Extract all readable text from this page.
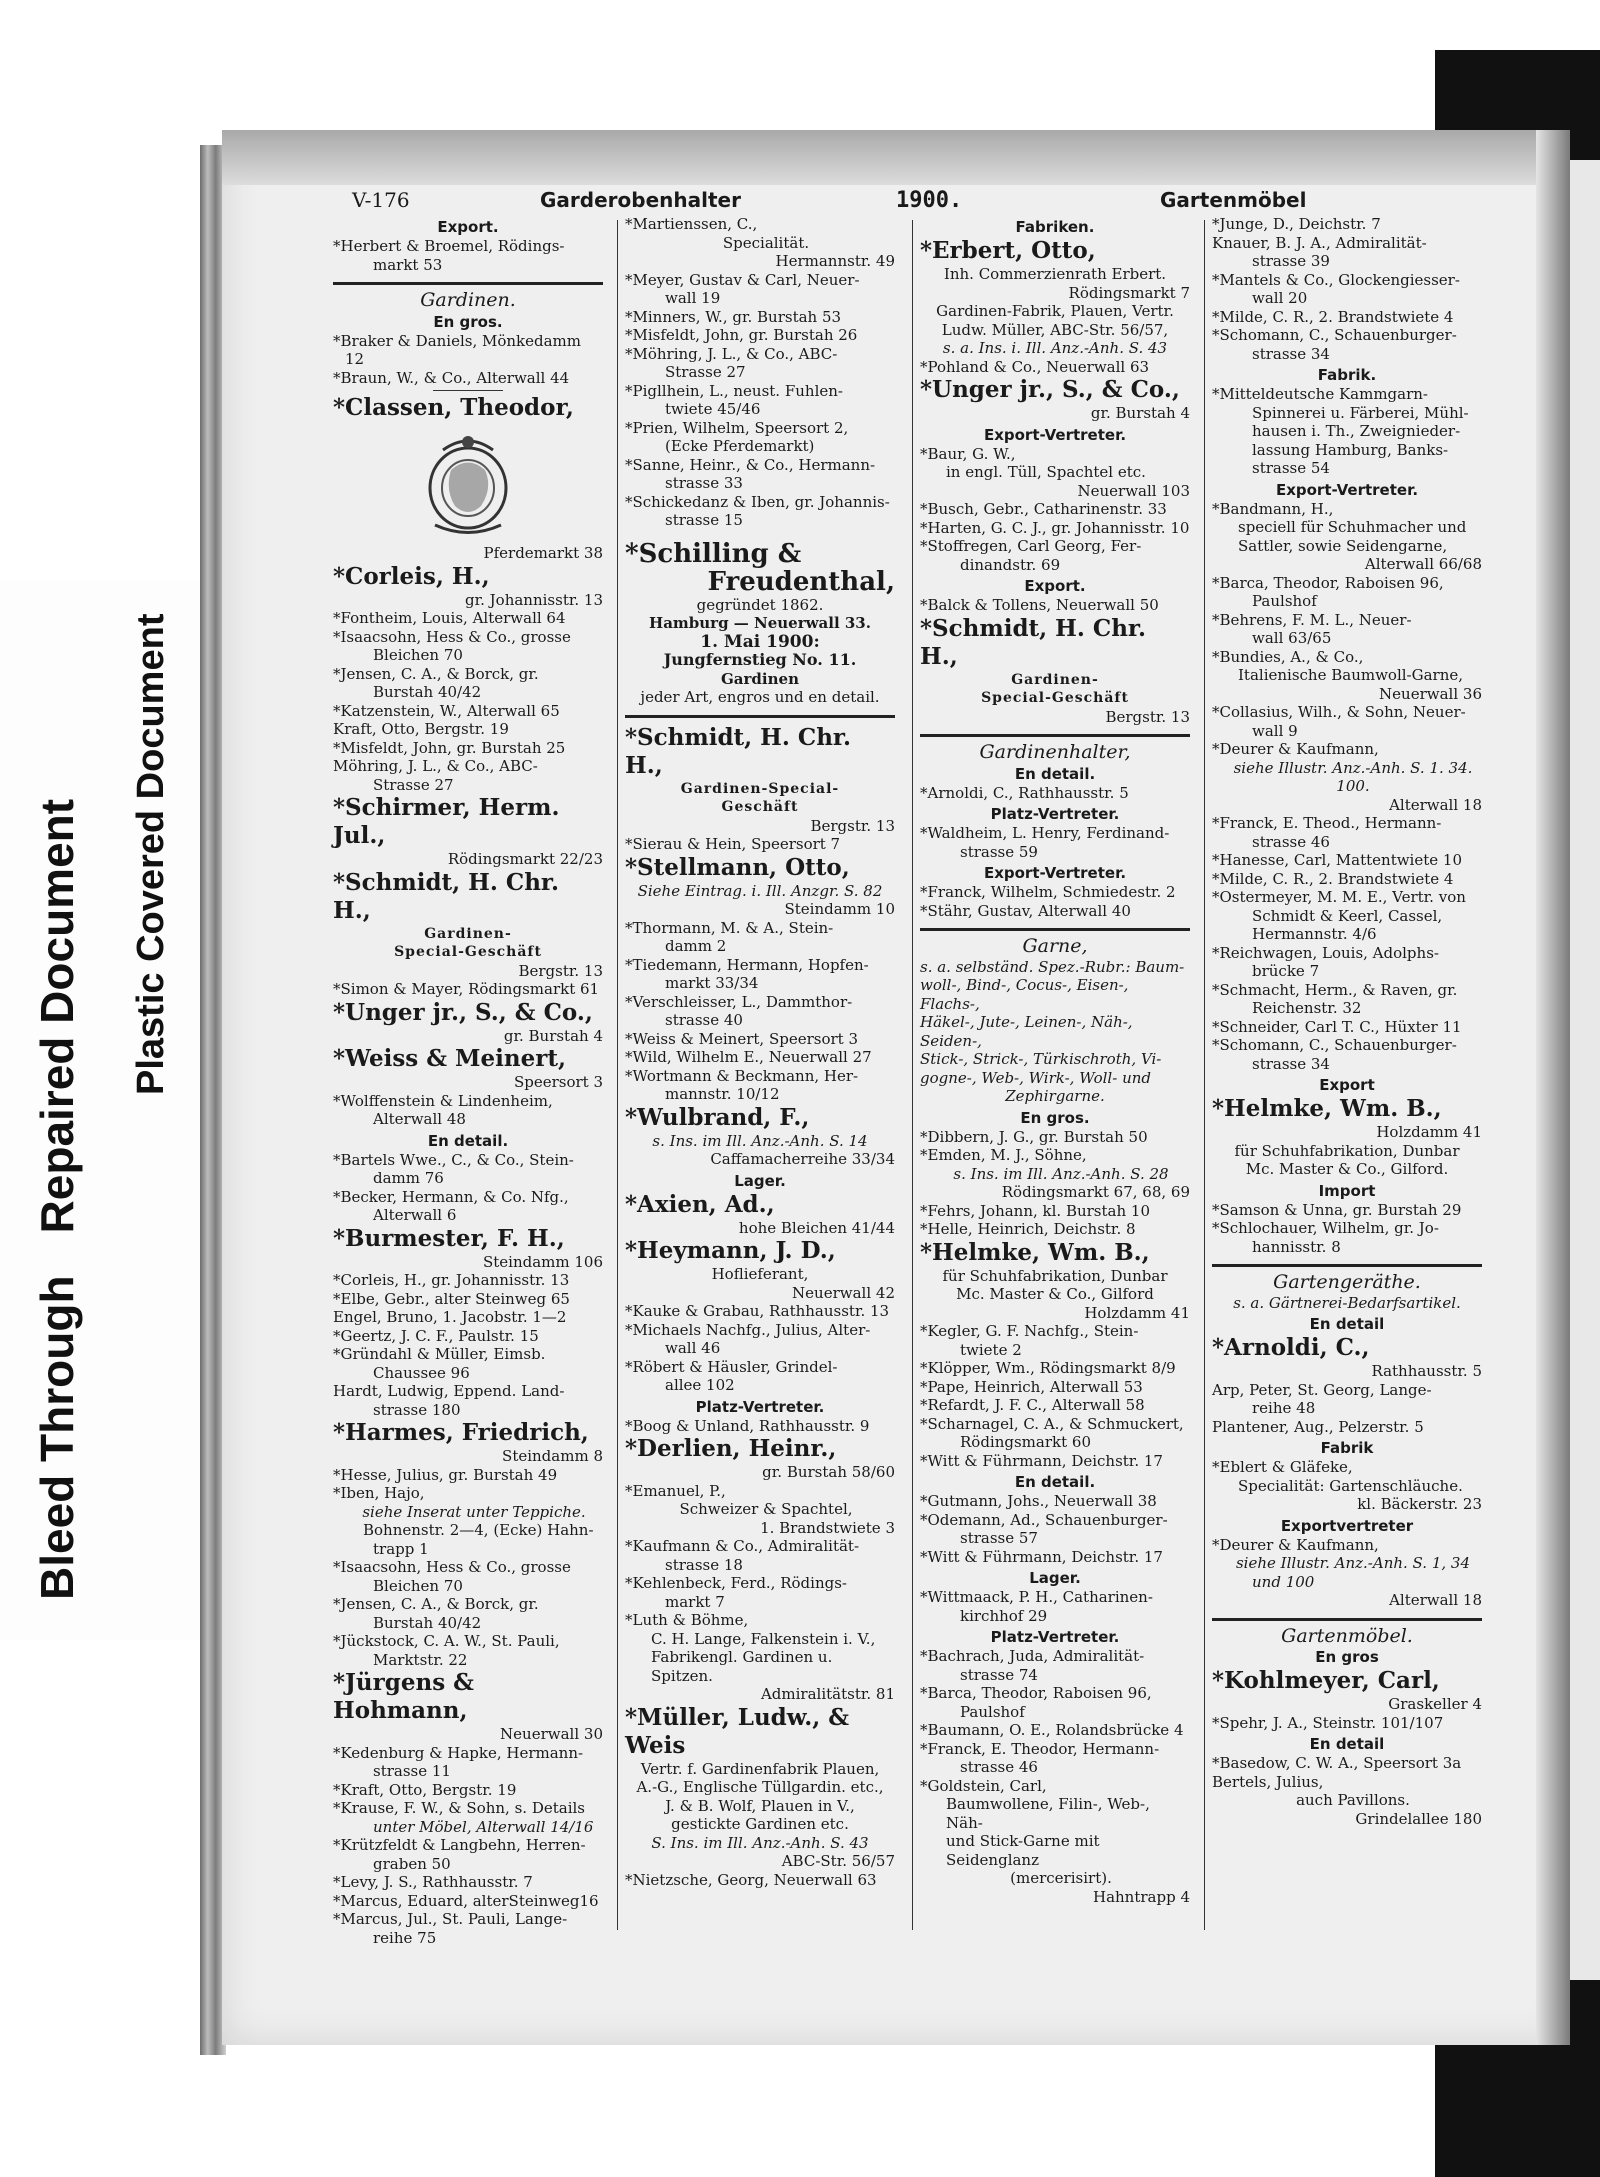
Bleed ThroughRepaired Document Plastic Covered Document
V-176	Garderobenhalter	1900.	Gartenmöbel
Export.
*Herbert & Broemel, Rödings-
markt 53
Gardinen.
En gros.
*Braker & Daniels, Mönkedamm 12
*Braun, W., & Co., Alterwall 44
*Classen, Theodor,
Pferdemarkt 38
*Corleis, H.,
gr. Johannisstr. 13
*Fontheim, Louis, Alterwall 64
*Isaacsohn, Hess & Co., grosse
Bleichen 70
*Jensen, C. A., & Borck, gr.
Burstah 40/42
*Katzenstein, W., Alterwall 65
Kraft, Otto, Bergstr. 19
*Misfeldt, John, gr. Burstah 25
Möhring, J. L., & Co., ABC-
Strasse 27
*Schirmer, Herm. Jul.,
Rödingsmarkt 22/23
*Schmidt, H. Chr. H.,
Gardinen-
Special-Geschäft
Bergstr. 13
*Simon & Mayer, Rödingsmarkt 61
*Unger jr., S., & Co.,
gr. Burstah 4
*Weiss & Meinert,
Speersort 3
*Wolffenstein & Lindenheim,
Alterwall 48
En detail.
*Bartels Wwe., C., & Co., Stein-
damm 76
*Becker, Hermann, & Co. Nfg.,
Alterwall 6
*Burmester, F. H.,
Steindamm 106
*Corleis, H., gr. Johannisstr. 13
*Elbe, Gebr., alter Steinweg 65
Engel, Bruno, 1. Jacobstr. 1—2
*Geertz, J. C. F., Paulstr. 15
*Gründahl & Müller, Eimsb.
Chaussee 96
Hardt, Ludwig, Eppend. Land-
strasse 180
*Harmes, Friedrich,
Steindamm 8
*Hesse, Julius, gr. Burstah 49
*Iben, Hajo,
siehe Inserat unter Teppiche.
Bohnenstr. 2—4, (Ecke) Hahn-
trapp 1
*Isaacsohn, Hess & Co., grosse
Bleichen 70
*Jensen, C. A., & Borck, gr.
Burstah 40/42
*Jückstock, C. A. W., St. Pauli,
Marktstr. 22
*Jürgens & Hohmann,
Neuerwall 30
*Kedenburg & Hapke, Hermann-
strasse 11
*Kraft, Otto, Bergstr. 19
*Krause, F. W., & Sohn, s. Details
unter Möbel, Alterwall 14/16
*Krützfeldt & Langbehn, Herren-
graben 50
*Levy, J. S., Rathhausstr. 7
*Marcus, Eduard, alterSteinweg16
*Marcus, Jul., St. Pauli, Lange-
reihe 75
*Martienssen, C.,
Specialität.
Hermannstr. 49
*Meyer, Gustav & Carl, Neuer-
wall 19
*Minners, W., gr. Burstah 53
*Misfeldt, John, gr. Burstah 26
*Möhring, J. L., & Co., ABC-
Strasse 27
*Pigllhein, L., neust. Fuhlen-
twiete 45/46
*Prien, Wilhelm, Speersort 2,
(Ecke Pferdemarkt)
*Sanne, Heinr., & Co., Hermann-
strasse 33
*Schickedanz & Iben, gr. Johannis-
strasse 15
*Schilling &
Freudenthal,
gegründet 1862.
Hamburg — Neuerwall 33.
1. Mai 1900:
Jungfernstieg No. 11.
Gardinen
jeder Art, engros und en detail.
*Schmidt, H. Chr. H.,
Gardinen-Special-
Geschäft
Bergstr. 13
*Sierau & Hein, Speersort 7
*Stellmann, Otto,
Siehe Eintrag. i. Ill. Anzgr. S. 82
Steindamm 10
*Thormann, M. & A., Stein-
damm 2
*Tiedemann, Hermann, Hopfen-
markt 33/34
*Verschleisser, L., Dammthor-
strasse 40
*Weiss & Meinert, Speersort 3
*Wild, Wilhelm E., Neuerwall 27
*Wortmann & Beckmann, Her-
mannstr. 10/12
*Wulbrand, F.,
s. Ins. im Ill. Anz.-Anh. S. 14
Caffamacherreihe 33/34
Lager.
*Axien, Ad.,
hohe Bleichen 41/44
*Heymann, J. D.,
Hoflieferant,
Neuerwall 42
*Kauke & Grabau, Rathhausstr. 13
*Michaels Nachfg., Julius, Alter-
wall 46
*Röbert & Häusler, Grindel-
allee 102
Platz-Vertreter.
*Boog & Unland, Rathhausstr. 9
*Derlien, Heinr.,
gr. Burstah 58/60
*Emanuel, P.,
Schweizer & Spachtel,
1. Brandstwiete 3
*Kaufmann & Co., Admiralität-
strasse 18
*Kehlenbeck, Ferd., Rödings-
markt 7
*Luth & Böhme,
C. H. Lange, Falkenstein i. V.,
Fabrikengl. Gardinen u. Spitzen.
Admiralitätstr. 81
*Müller, Ludw., & Weis
Vertr. f. Gardinenfabrik Plauen,
A.-G., Englische Tüllgardin. etc.,
J. & B. Wolf, Plauen in V.,
gestickte Gardinen etc.
S. Ins. im Ill. Anz.-Anh. S. 43
ABC-Str. 56/57
*Nietzsche, Georg, Neuerwall 63
Fabriken.
*Erbert, Otto,
Inh. Commerzienrath Erbert.
Rödingsmarkt 7
Gardinen-Fabrik, Plauen, Vertr.
Ludw. Müller, ABC-Str. 56/57,
s. a. Ins. i. Ill. Anz.-Anh. S. 43
*Pohland & Co., Neuerwall 63
*Unger jr., S., & Co.,
gr. Burstah 4
Export-Vertreter.
*Baur, G. W.,
in engl. Tüll, Spachtel etc.
Neuerwall 103
*Busch, Gebr., Catharinenstr. 33
*Harten, G. C. J., gr. Johannisstr. 10
*Stoffregen, Carl Georg, Fer-
dinandstr. 69
Export.
*Balck & Tollens, Neuerwall 50
*Schmidt, H. Chr. H.,
Gardinen-
Special-Geschäft
Bergstr. 13
Gardinenhalter,
En detail.
*Arnoldi, C., Rathhausstr. 5
Platz-Vertreter.
*Waldheim, L. Henry, Ferdinand-
strasse 59
Export-Vertreter.
*Franck, Wilhelm, Schmiedestr. 2
*Stähr, Gustav, Alterwall 40
Garne,
s. a. selbständ. Spez.-Rubr.: Baum-
woll-, Bind-, Cocus-, Eisen-, Flachs-,
Häkel-, Jute-, Leinen-, Näh-, Seiden-,
Stick-, Strick-, Türkischroth, Vi-
gogne-, Web-, Wirk-, Woll- und
Zephirgarne.
En gros.
*Dibbern, J. G., gr. Burstah 50
*Emden, M. J., Söhne,
s. Ins. im Ill. Anz.-Anh. S. 28
Rödingsmarkt 67, 68, 69
*Fehrs, Johann, kl. Burstah 10
*Helle, Heinrich, Deichstr. 8
*Helmke, Wm. B.,
für Schuhfabrikation, Dunbar
Mc. Master & Co., Gilford
Holzdamm 41
*Kegler, G. F. Nachfg., Stein-
twiete 2
*Klöpper, Wm., Rödingsmarkt 8/9
*Pape, Heinrich, Alterwall 53
*Refardt, J. F. C., Alterwall 58
*Scharnagel, C. A., & Schmuckert,
Rödingsmarkt 60
*Witt & Führmann, Deichstr. 17
En detail.
*Gutmann, Johs., Neuerwall 38
*Odemann, Ad., Schauenburger-
strasse 57
*Witt & Führmann, Deichstr. 17
Lager.
*Wittmaack, P. H., Catharinen-
kirchhof 29
Platz-Vertreter.
*Bachrach, Juda, Admiralität-
strasse 74
*Barca, Theodor, Raboisen 96,
Paulshof
*Baumann, O. E., Rolandsbrücke 4
*Franck, E. Theodor, Hermann-
strasse 46
*Goldstein, Carl,
Baumwollene, Filin-, Web-, Näh-
und Stick-Garne mit Seidenglanz
(mercerisirt).
Hahntrapp 4
*Junge, D., Deichstr. 7
Knauer, B. J. A., Admiralität-
strasse 39
*Mantels & Co., Glockengiesser-
wall 20
*Milde, C. R., 2. Brandstwiete 4
*Schomann, C., Schauenburger-
strasse 34
Fabrik.
*Mitteldeutsche Kammgarn-
Spinnerei u. Färberei, Mühl-
hausen i. Th., Zweignieder-
lassung Hamburg, Banks-
strasse 54
Export-Vertreter.
*Bandmann, H.,
speciell für Schuhmacher und
Sattler, sowie Seidengarne,
Alterwall 66/68
*Barca, Theodor, Raboisen 96,
Paulshof
*Behrens, F. M. L., Neuer-
wall 63/65
*Bundies, A., & Co.,
Italienische Baumwoll-Garne,
Neuerwall 36
*Collasius, Wilh., & Sohn, Neuer-
wall 9
*Deurer & Kaufmann,
siehe Illustr. Anz.-Anh. S. 1. 34. 100.
Alterwall 18
*Franck, E. Theod., Hermann-
strasse 46
*Hanesse, Carl, Mattentwiete 10
*Milde, C. R., 2. Brandstwiete 4
*Ostermeyer, M. M. E., Vertr. von
Schmidt & Keerl, Cassel,
Hermannstr. 4/6
*Reichwagen, Louis, Adolphs-
brücke 7
*Schmacht, Herm., & Raven, gr.
Reichenstr. 32
*Schneider, Carl T. C., Hüxter 11
*Schomann, C., Schauenburger-
strasse 34
Export
*Helmke, Wm. B.,
Holzdamm 41
für Schuhfabrikation, Dunbar
Mc. Master & Co., Gilford.
Import
*Samson & Unna, gr. Burstah 29
*Schlochauer, Wilhelm, gr. Jo-
hannisstr. 8
Gartengeräthe.
s. a. Gärtnerei-Bedarfsartikel.
En detail
*Arnoldi, C.,
Rathhausstr. 5
Arp, Peter, St. Georg, Lange-
reihe 48
Plantener, Aug., Pelzerstr. 5
Fabrik
*Eblert & Gläfeke,
Specialität: Gartenschläuche.
kl. Bäckerstr. 23
Exportvertreter
*Deurer & Kaufmann,
siehe Illustr. Anz.-Anh. S. 1, 34
und 100
Alterwall 18
Gartenmöbel.
En gros
*Kohlmeyer, Carl,
Graskeller 4
*Spehr, J. A., Steinstr. 101/107
En detail
*Basedow, C. W. A., Speersort 3a
Bertels, Julius,
auch Pavillons.
Grindelallee 180
